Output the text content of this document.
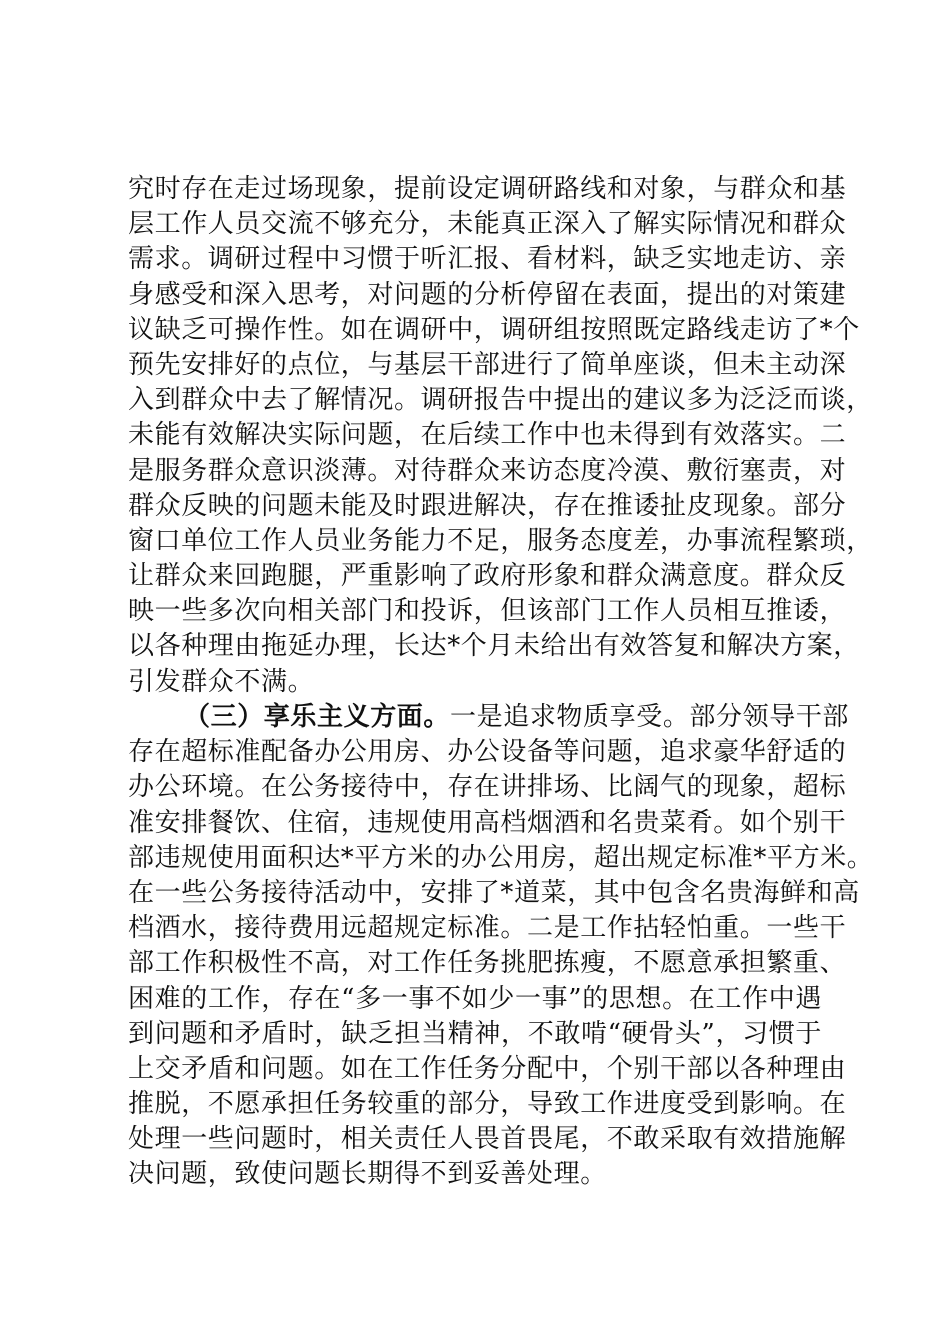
究时存在走过场现象，提前设定调研路线和对象，与群众和基
层工作人员交流不够充分，未能真正深入了解实际情况和群众
需求。调研过程中习惯于听汇报、看材料，缺乏实地走访、亲
身感受和深入思考，对问题的分析停留在表面，提出的对策建
议缺乏可操作性。如在调研中，调研组按照既定路线走访了*个
预先安排好的点位，与基层干部进行了简单座谈，但未主动深
入到群众中去了解情况。调研报告中提出的建议多为泛泛而谈，
未能有效解决实际问题，在后续工作中也未得到有效落实。二
是服务群众意识淡薄。对待群众来访态度冷漠、敷衍塞责，对
群众反映的问题未能及时跟进解决，存在推诿扯皮现象。部分
窗口单位工作人员业务能力不足，服务态度差，办事流程繁琐，
让群众来回跑腿，严重影响了政府形象和群众满意度。群众反
映一些多次向相关部门和投诉，但该部门工作人员相互推诿，
以各种理由拖延办理，长达*个月未给出有效答复和解决方案，
引发群众不满。
（三）享乐主义方面。一是追求物质享受。部分领导干部
存在超标准配备办公用房、办公设备等问题，追求豪华舒适的
办公环境。在公务接待中，存在讲排场、比阔气的现象，超标
准安排餐饮、住宿，违规使用高档烟酒和名贵菜肴。如个别干
部违规使用面积达*平方米的办公用房，超出规定标准*平方米。
在一些公务接待活动中，安排了*道菜，其中包含名贵海鲜和高
档酒水，接待费用远超规定标准。二是工作拈轻怕重。一些干
部工作积极性不高，对工作任务挑肥拣瘦，不愿意承担繁重、
困难的工作，存在“多一事不如少一事”的思想。在工作中遇
到问题和矛盾时，缺乏担当精神，不敢啃“硬骨头”，习惯于
上交矛盾和问题。如在工作任务分配中，个别干部以各种理由
推脱，不愿承担任务较重的部分，导致工作进度受到影响。在
处理一些问题时，相关责任人畏首畏尾，不敢采取有效措施解
决问题，致使问题长期得不到妥善处理。
